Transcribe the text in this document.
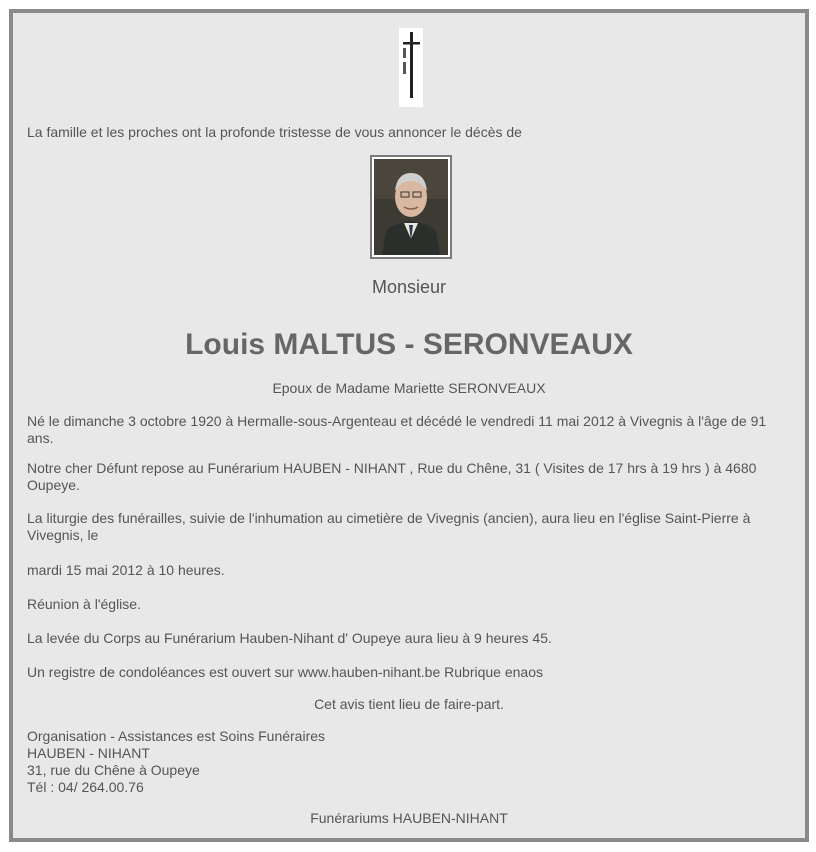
La famille et les proches ont la profonde tristesse de vous annoncer le décès de

Monsieur
Louis MALTUS - SERONVEAUX

Epoux de Madame Mariette SERONVEAUX

Né le dimanche 3 octobre 1920 à Hermalle-sous-Argenteau et décédé le vendredi 11 mai 2012 à Vivegnis à l'âge de 91 ans.

Notre cher Défunt repose au Funérarium HAUBEN - NIHANT , Rue du Chêne, 31 ( Visites de 17 hrs à 19 hrs ) à 4680 Oupeye.

La liturgie des funérailles, suivie de l'inhumation au cimetière de Vivegnis (ancien), aura lieu en l'église Saint-Pierre à Vivegnis, le

mardi 15 mai 2012 à 10 heures.

Réunion à l'église.

La levée du Corps au Funérarium Hauben-Nihant d' Oupeye aura lieu à 9 heures 45.

Un registre de condoléances est ouvert sur www.hauben-nihant.be Rubrique enaos

Cet avis tient lieu de faire-part.

Organisation - Assistances est Soins Funéraires
HAUBEN - NIHANT
31, rue du Chêne à Oupeye
Tél : 04/ 264.00.76

Funérariums HAUBEN-NIHANT
